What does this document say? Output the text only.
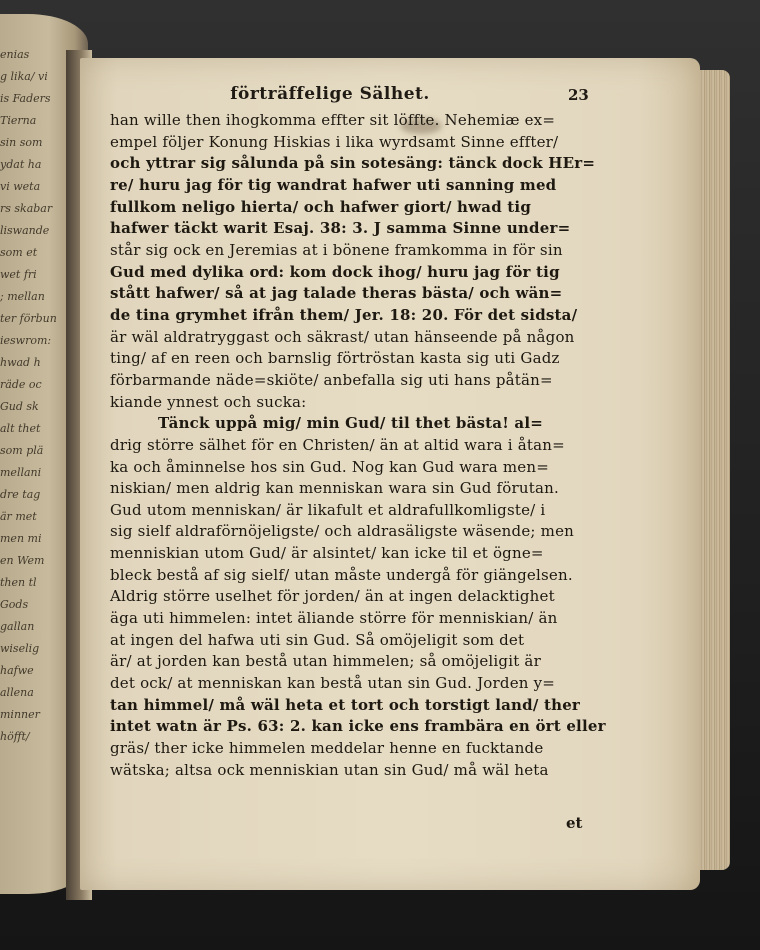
enias
g lika/ vi
is Faders
Tierna
sin som
ydat ha
vi weta
rs skabar
liswande
som et
wet fri
; mellan
ter förbun
ieswrom:
hwad h
räde oc
Gud sk
alt thet
som plä
mellani
dre tag
är met
men mi
en Wem
then tl
Gods
gallan
wiselig
hafwe
allena
minner
höfft/
förträffelige Sälhet.	23
han wille then ihogkomma effter sit löffte. Nehemiæ ex=
empel följer Konung Hiskias i lika wyrdsamt Sinne effter/
och yttrar sig sålunda på sin sotesäng: tänck dock HEr=
re/ huru jag för tig wandrat hafwer uti sanning med
fullkom neligo hierta/ och hafwer giort/ hwad tig
hafwer täckt warit Esaj. 38: 3. J samma Sinne under=
står sig ock en Jeremias at i bönene framkomma in för sin
Gud med dylika ord: kom dock ihog/ huru jag för tig
stått hafwer/ så at jag talade theras bästa/ och wän=
de tina grymhet ifrån them/ Jer. 18: 20. För det sidsta/
är wäl aldratryggast och säkrast/ utan hänseende på någon
ting/ af en reen och barnslig förtröstan kasta sig uti Gadz
förbarmande näde=skiöte/ anbefalla sig uti hans påtän=
kiande ynnest och sucka:
Tänck uppå mig/ min Gud/ til thet bästa! al=
drig större sälhet för en Christen/ än at altid wara i åtan=
ka och åminnelse hos sin Gud. Nog kan Gud wara men=
niskian/ men aldrig kan menniskan wara sin Gud förutan.
Gud utom menniskan/ är likafult et aldrafullkomligste/ i
sig sielf aldraförnöjeligste/ och aldrasäligste wäsende; men
menniskian utom Gud/ är alsintet/ kan icke til et ögne=
bleck bestå af sig sielf/ utan måste undergå för giängelsen.
Aldrig större uselhet för jorden/ än at ingen delacktighet
äga uti himmelen: intet äliande större för menniskian/ än
at ingen del hafwa uti sin Gud. Så omöjeligit som det
är/ at jorden kan bestå utan himmelen; så omöjeligit är
det ock/ at menniskan kan bestå utan sin Gud. Jorden y=
tan himmel/ må wäl heta et tort och torstigt land/ ther
intet watn är Ps. 63: 2. kan icke ens frambära en ört eller
gräs/ ther icke himmelen meddelar henne en fucktande
wätska; altsa ock menniskian utan sin Gud/ må wäl heta
et
